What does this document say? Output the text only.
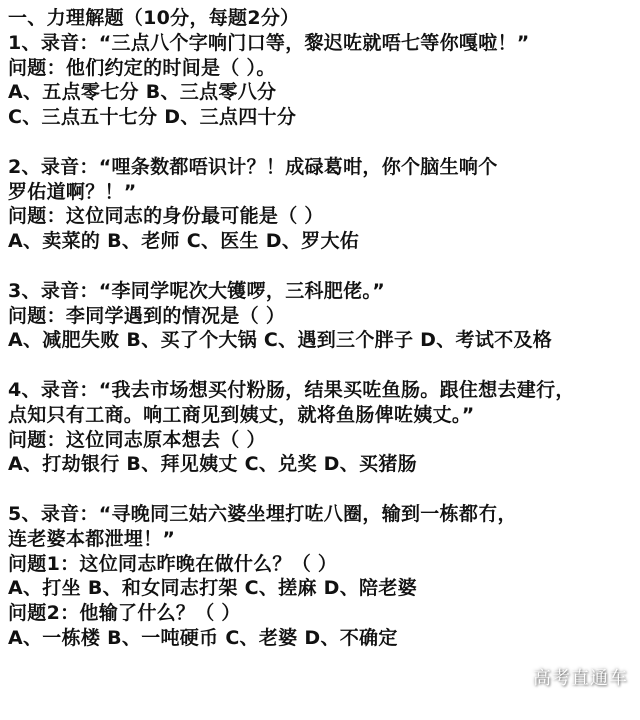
一、力理解题（10分，每题2分）
1、录音：“三点八个字响门口等，黎迟咗就唔七等你嘎啦！”
问题：他们约定的时间是（ ）。
A、五点零七分 B、三点零八分
C、三点五十七分 D、三点四十分
2、录音：“哩条数都唔识计？！成碌葛咁，你个脑生响个
罗佑道啊？！”
问题：这位同志的身份最可能是（ ）
A、卖菜的 B、老师 C、医生 D、罗大佑
3、录音：“李同学呢次大镬啰，三科肥佬。”
问题：李同学遇到的情况是（ ）
A、减肥失败 B、买了个大锅 C、遇到三个胖子 D、考试不及格
4、录音：“我去市场想买付粉肠，结果买咗鱼肠。跟住想去建行，
点知只有工商。响工商见到姨丈，就将鱼肠俾咗姨丈。”
问题：这位同志原本想去（ ）
A、打劫银行 B、拜见姨丈 C、兑奖 D、买猪肠
5、录音：“寻晚同三姑六婆坐埋打咗八圈，输到一栋都冇，
连老婆本都泄埋！”
问题1：这位同志昨晚在做什么？（ ）
A、打坐 B、和女同志打架 C、搓麻 D、陪老婆
问题2：他输了什么？（ ）
A、一栋楼 B、一吨硬币 C、老婆 D、不确定
高考直通车
